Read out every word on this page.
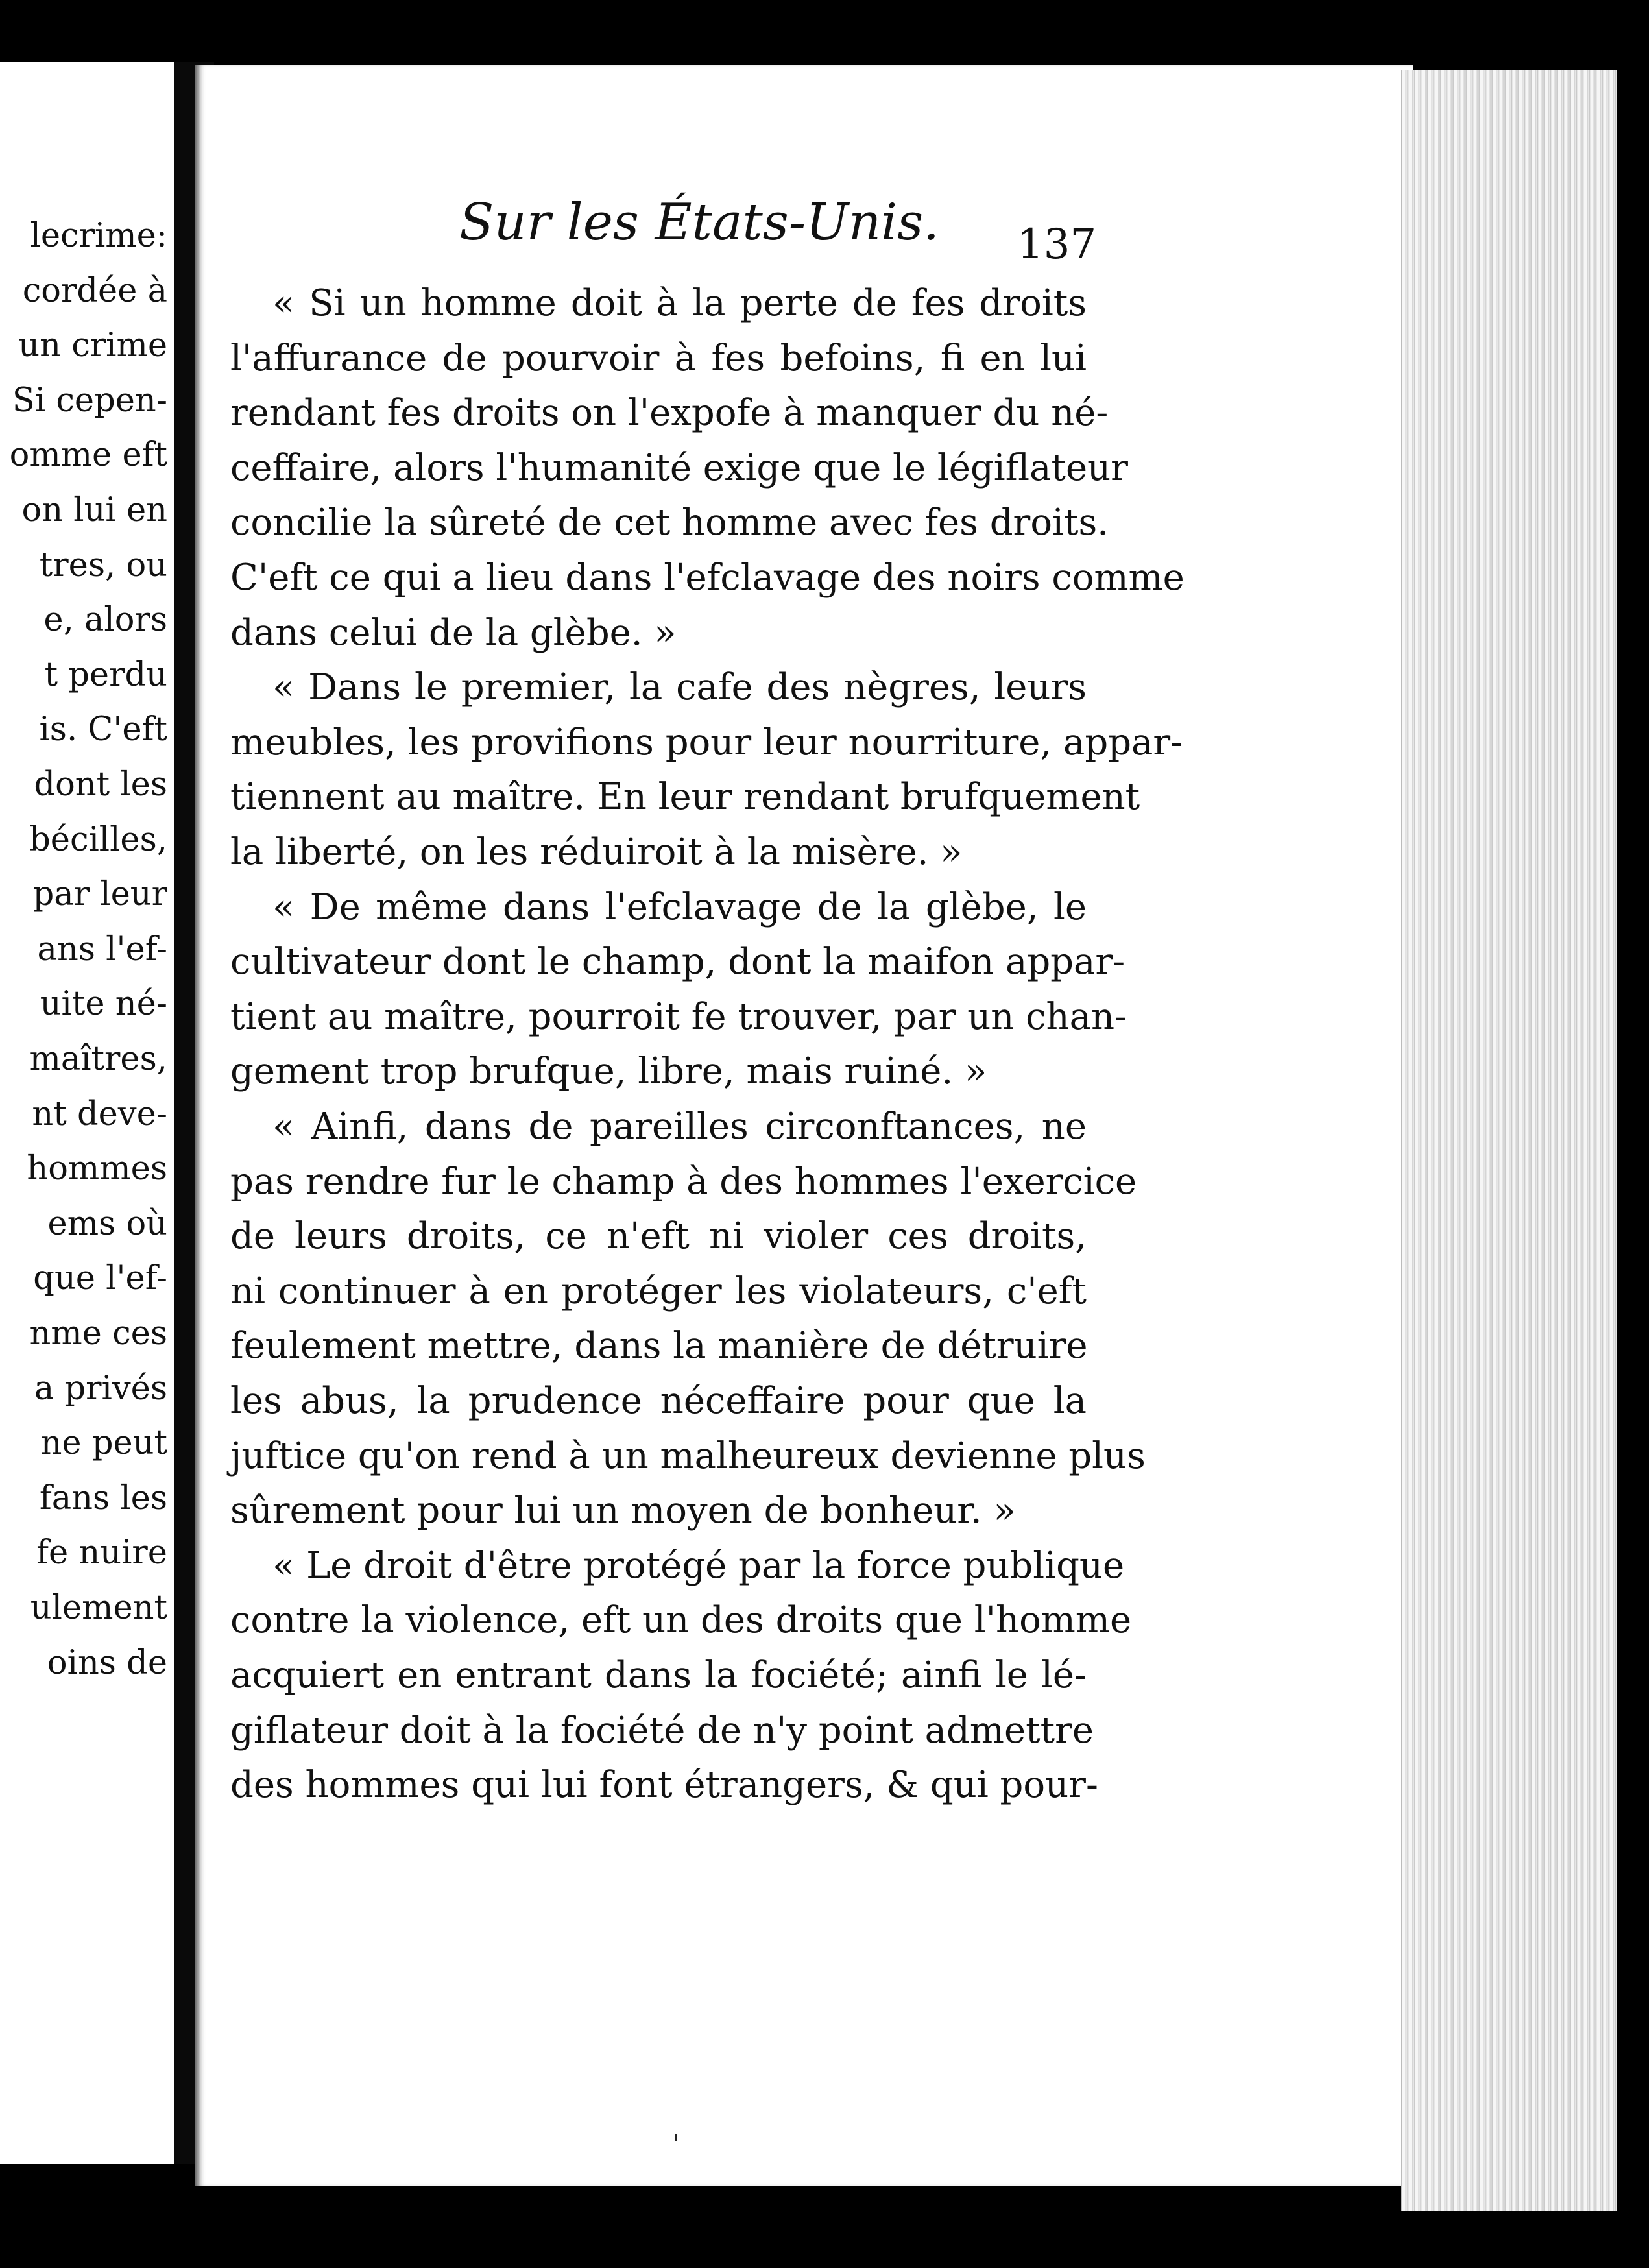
lecrime:
cordée à
un crime
Si cepen-
omme eft
on lui en
tres, ou
e, alors
t perdu
is. C'eft
dont les
bécilles,
par leur
ans l'ef-
uite né-
maîtres,
nt deve-
hommes
ems où
que l'ef-
nme ces
a privés
ne peut
fans les
fe nuire
ulement
oins de
Sur les États-Unis. 137
« Si un homme doit à la perte de fes droits
l'affurance de pourvoir à fes befoins, fi en lui
rendant fes droits on l'expofe à manquer du né-
ceffaire, alors l'humanité exige que le légiflateur
concilie la sûreté de cet homme avec fes droits.
C'eft ce qui a lieu dans l'efclavage des noirs comme
dans celui de la glèbe. »
« Dans le premier, la cafe des nègres, leurs
meubles, les provifions pour leur nourriture, appar-
tiennent au maître. En leur rendant brufquement
la liberté, on les réduiroit à la misère. »
« De même dans l'efclavage de la glèbe, le
cultivateur dont le champ, dont la maifon appar-
tient au maître, pourroit fe trouver, par un chan-
gement trop brufque, libre, mais ruiné. »
« Ainfi, dans de pareilles circonftances, ne
pas rendre fur le champ à des hommes l'exercice
de leurs droits, ce n'eft ni violer ces droits,
ni continuer à en protéger les violateurs, c'eft
feulement mettre, dans la manière de détruire
les abus, la prudence néceffaire pour que la
juftice qu'on rend à un malheureux devienne plus
sûrement pour lui un moyen de bonheur. »
« Le droit d'être protégé par la force publique
contre la violence, eft un des droits que l'homme
acquiert en entrant dans la fociété; ainfi le lé-
giflateur doit à la fociété de n'y point admettre
des hommes qui lui font étrangers, & qui pour-
